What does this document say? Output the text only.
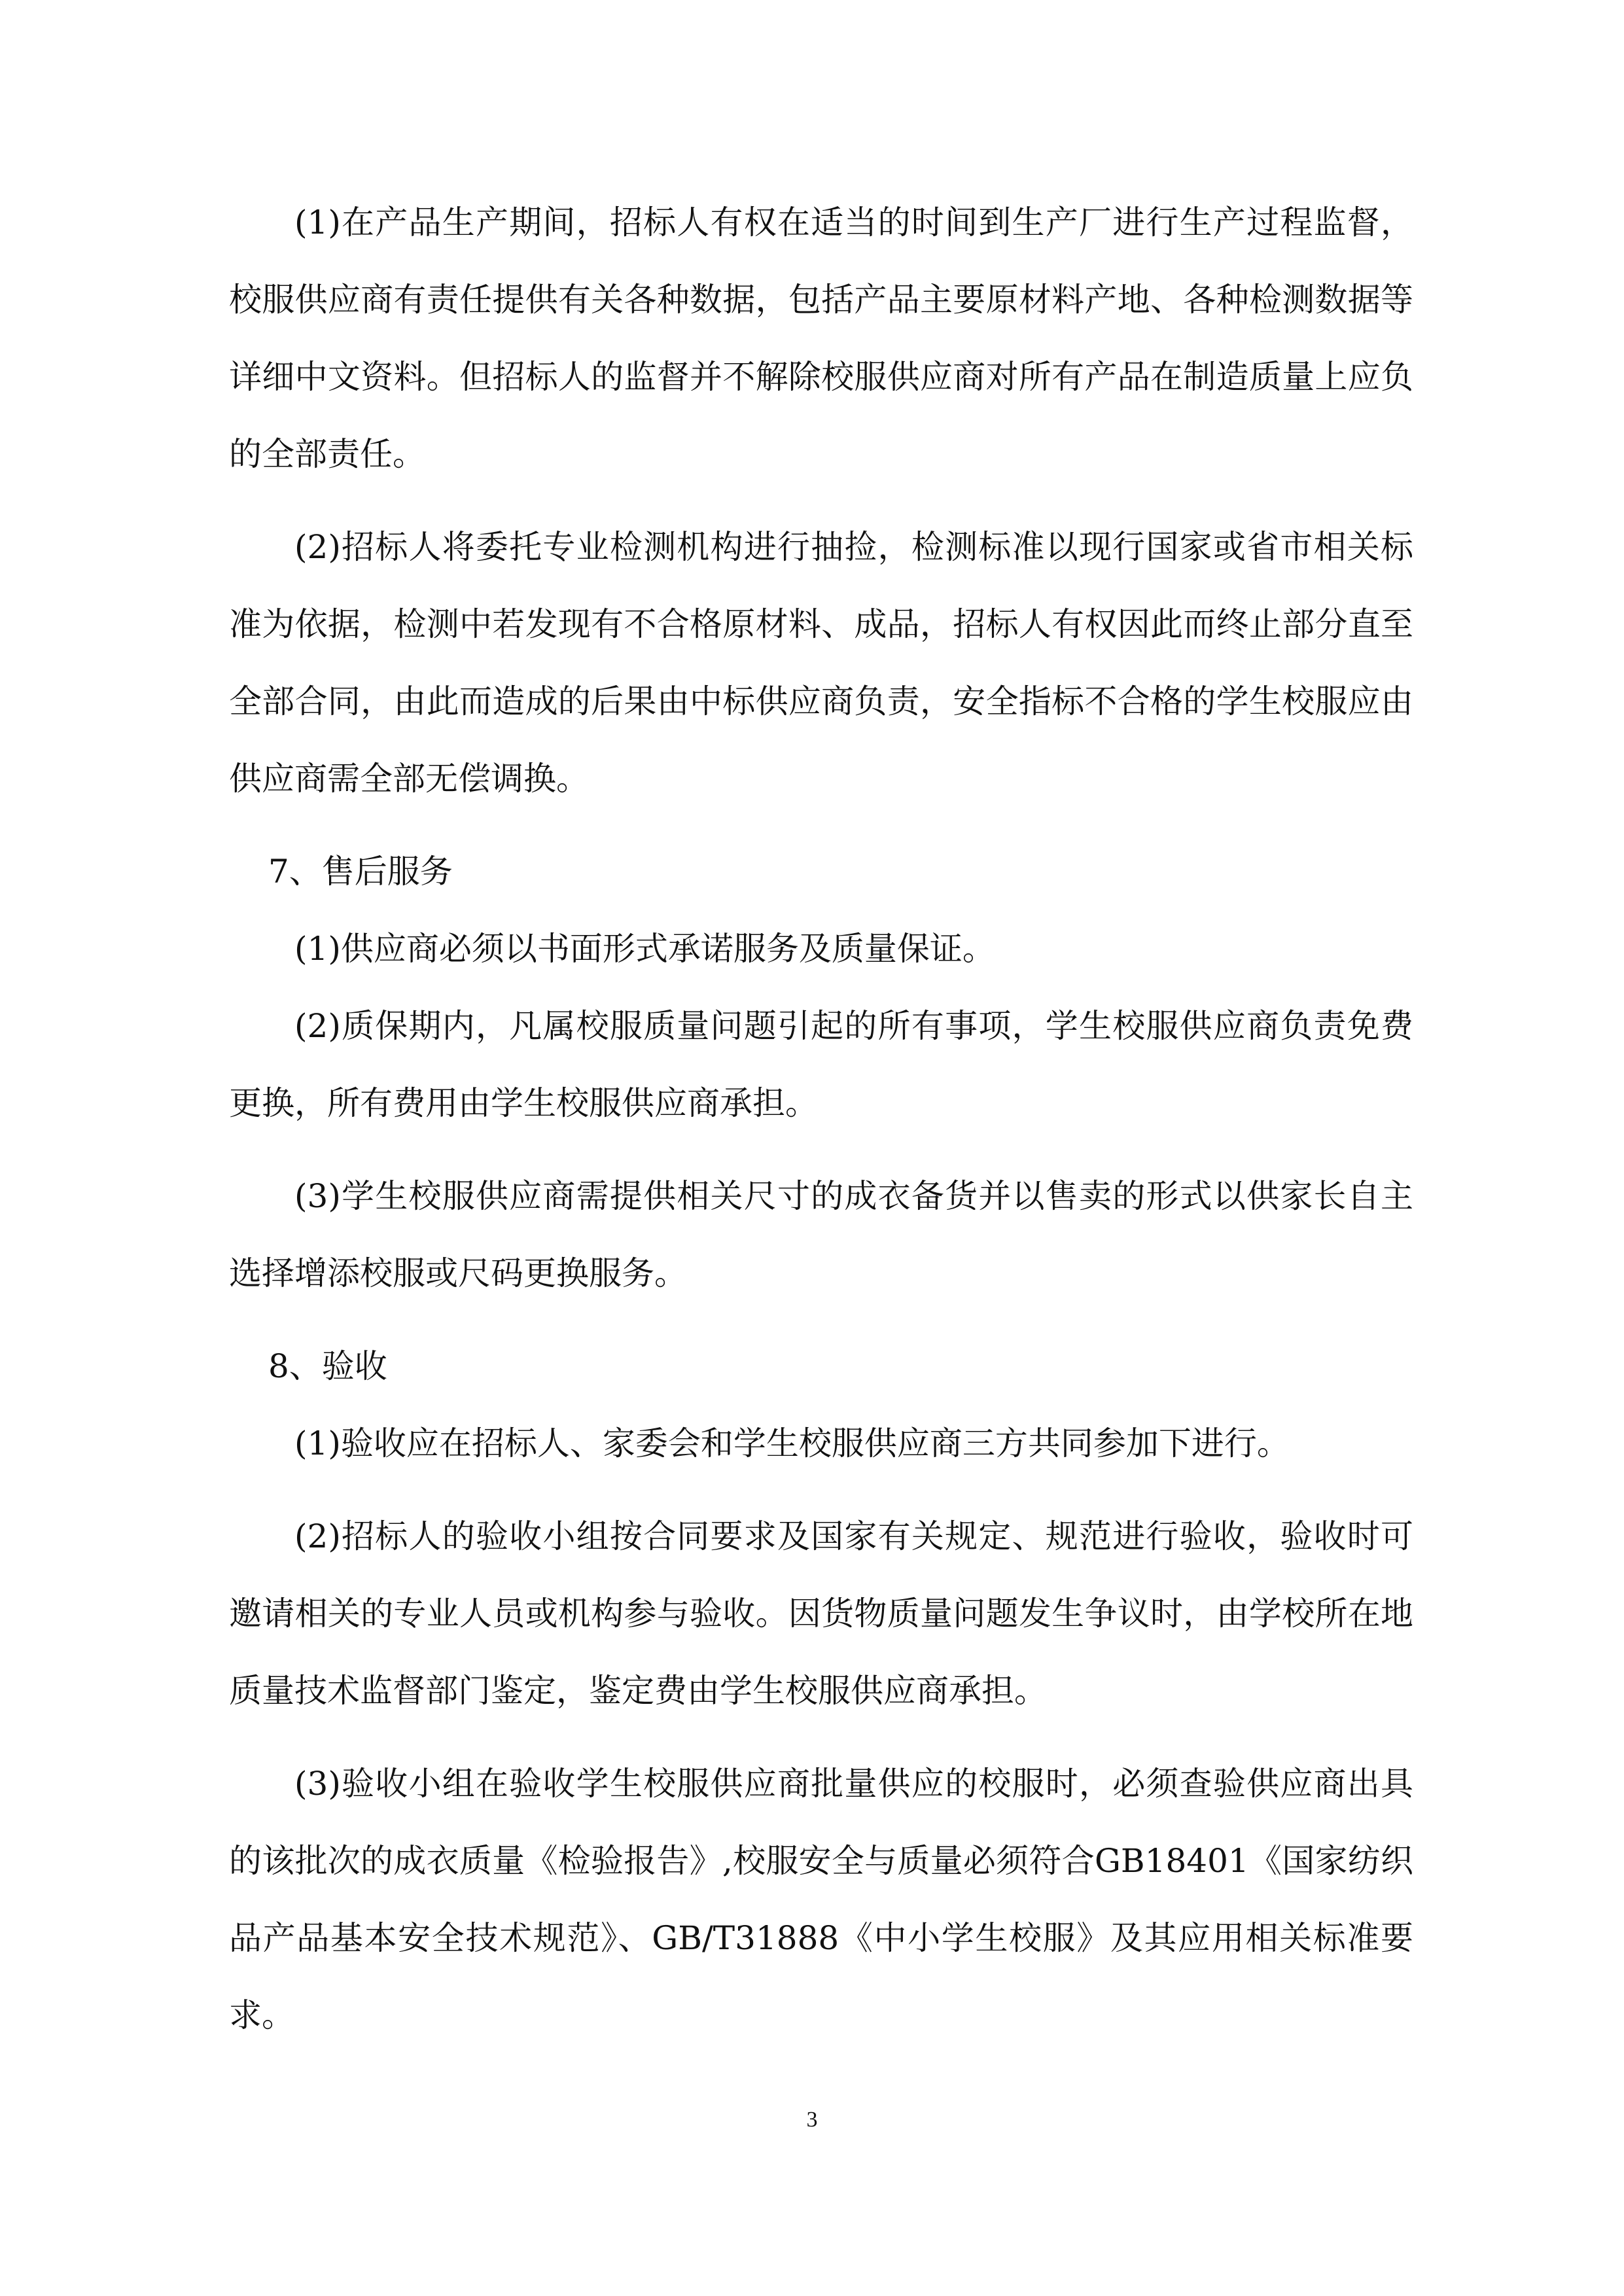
(1)在产品生产期间，招标人有权在适当的时间到生产厂进行生产过程监督，校服供应商有责任提供有关各种数据，包括产品主要原材料产地、各种检测数据等详细中文资料。但招标人的监督并不解除校服供应商对所有产品在制造质量上应负的全部责任。

(2)招标人将委托专业检测机构进行抽捡，检测标准以现行国家或省市相关标准为依据，检测中若发现有不合格原材料、成品，招标人有权因此而终止部分直至全部合同，由此而造成的后果由中标供应商负责，安全指标不合格的学生校服应由供应商需全部无偿调换。

7、售后服务

(1)供应商必须以书面形式承诺服务及质量保证。

(2)质保期内，凡属校服质量问题引起的所有事项，学生校服供应商负责免费更换，所有费用由学生校服供应商承担。

(3)学生校服供应商需提供相关尺寸的成衣备货并以售卖的形式以供家长自主选择增添校服或尺码更换服务。

8、验收

(1)验收应在招标人、家委会和学生校服供应商三方共同参加下进行。

(2)招标人的验收小组按合同要求及国家有关规定、规范进行验收，验收时可邀请相关的专业人员或机构参与验收。因货物质量问题发生争议时，由学校所在地质量技术监督部门鉴定，鉴定费由学生校服供应商承担。

(3)验收小组在验收学生校服供应商批量供应的校服时，必须查验供应商出具的该批次的成衣质量《检验报告》,校服安全与质量必须符合GB18401《国家纺织品产品基本安全技术规范》、GB/T31888《中小学生校服》及其应用相关标准要求。

3
